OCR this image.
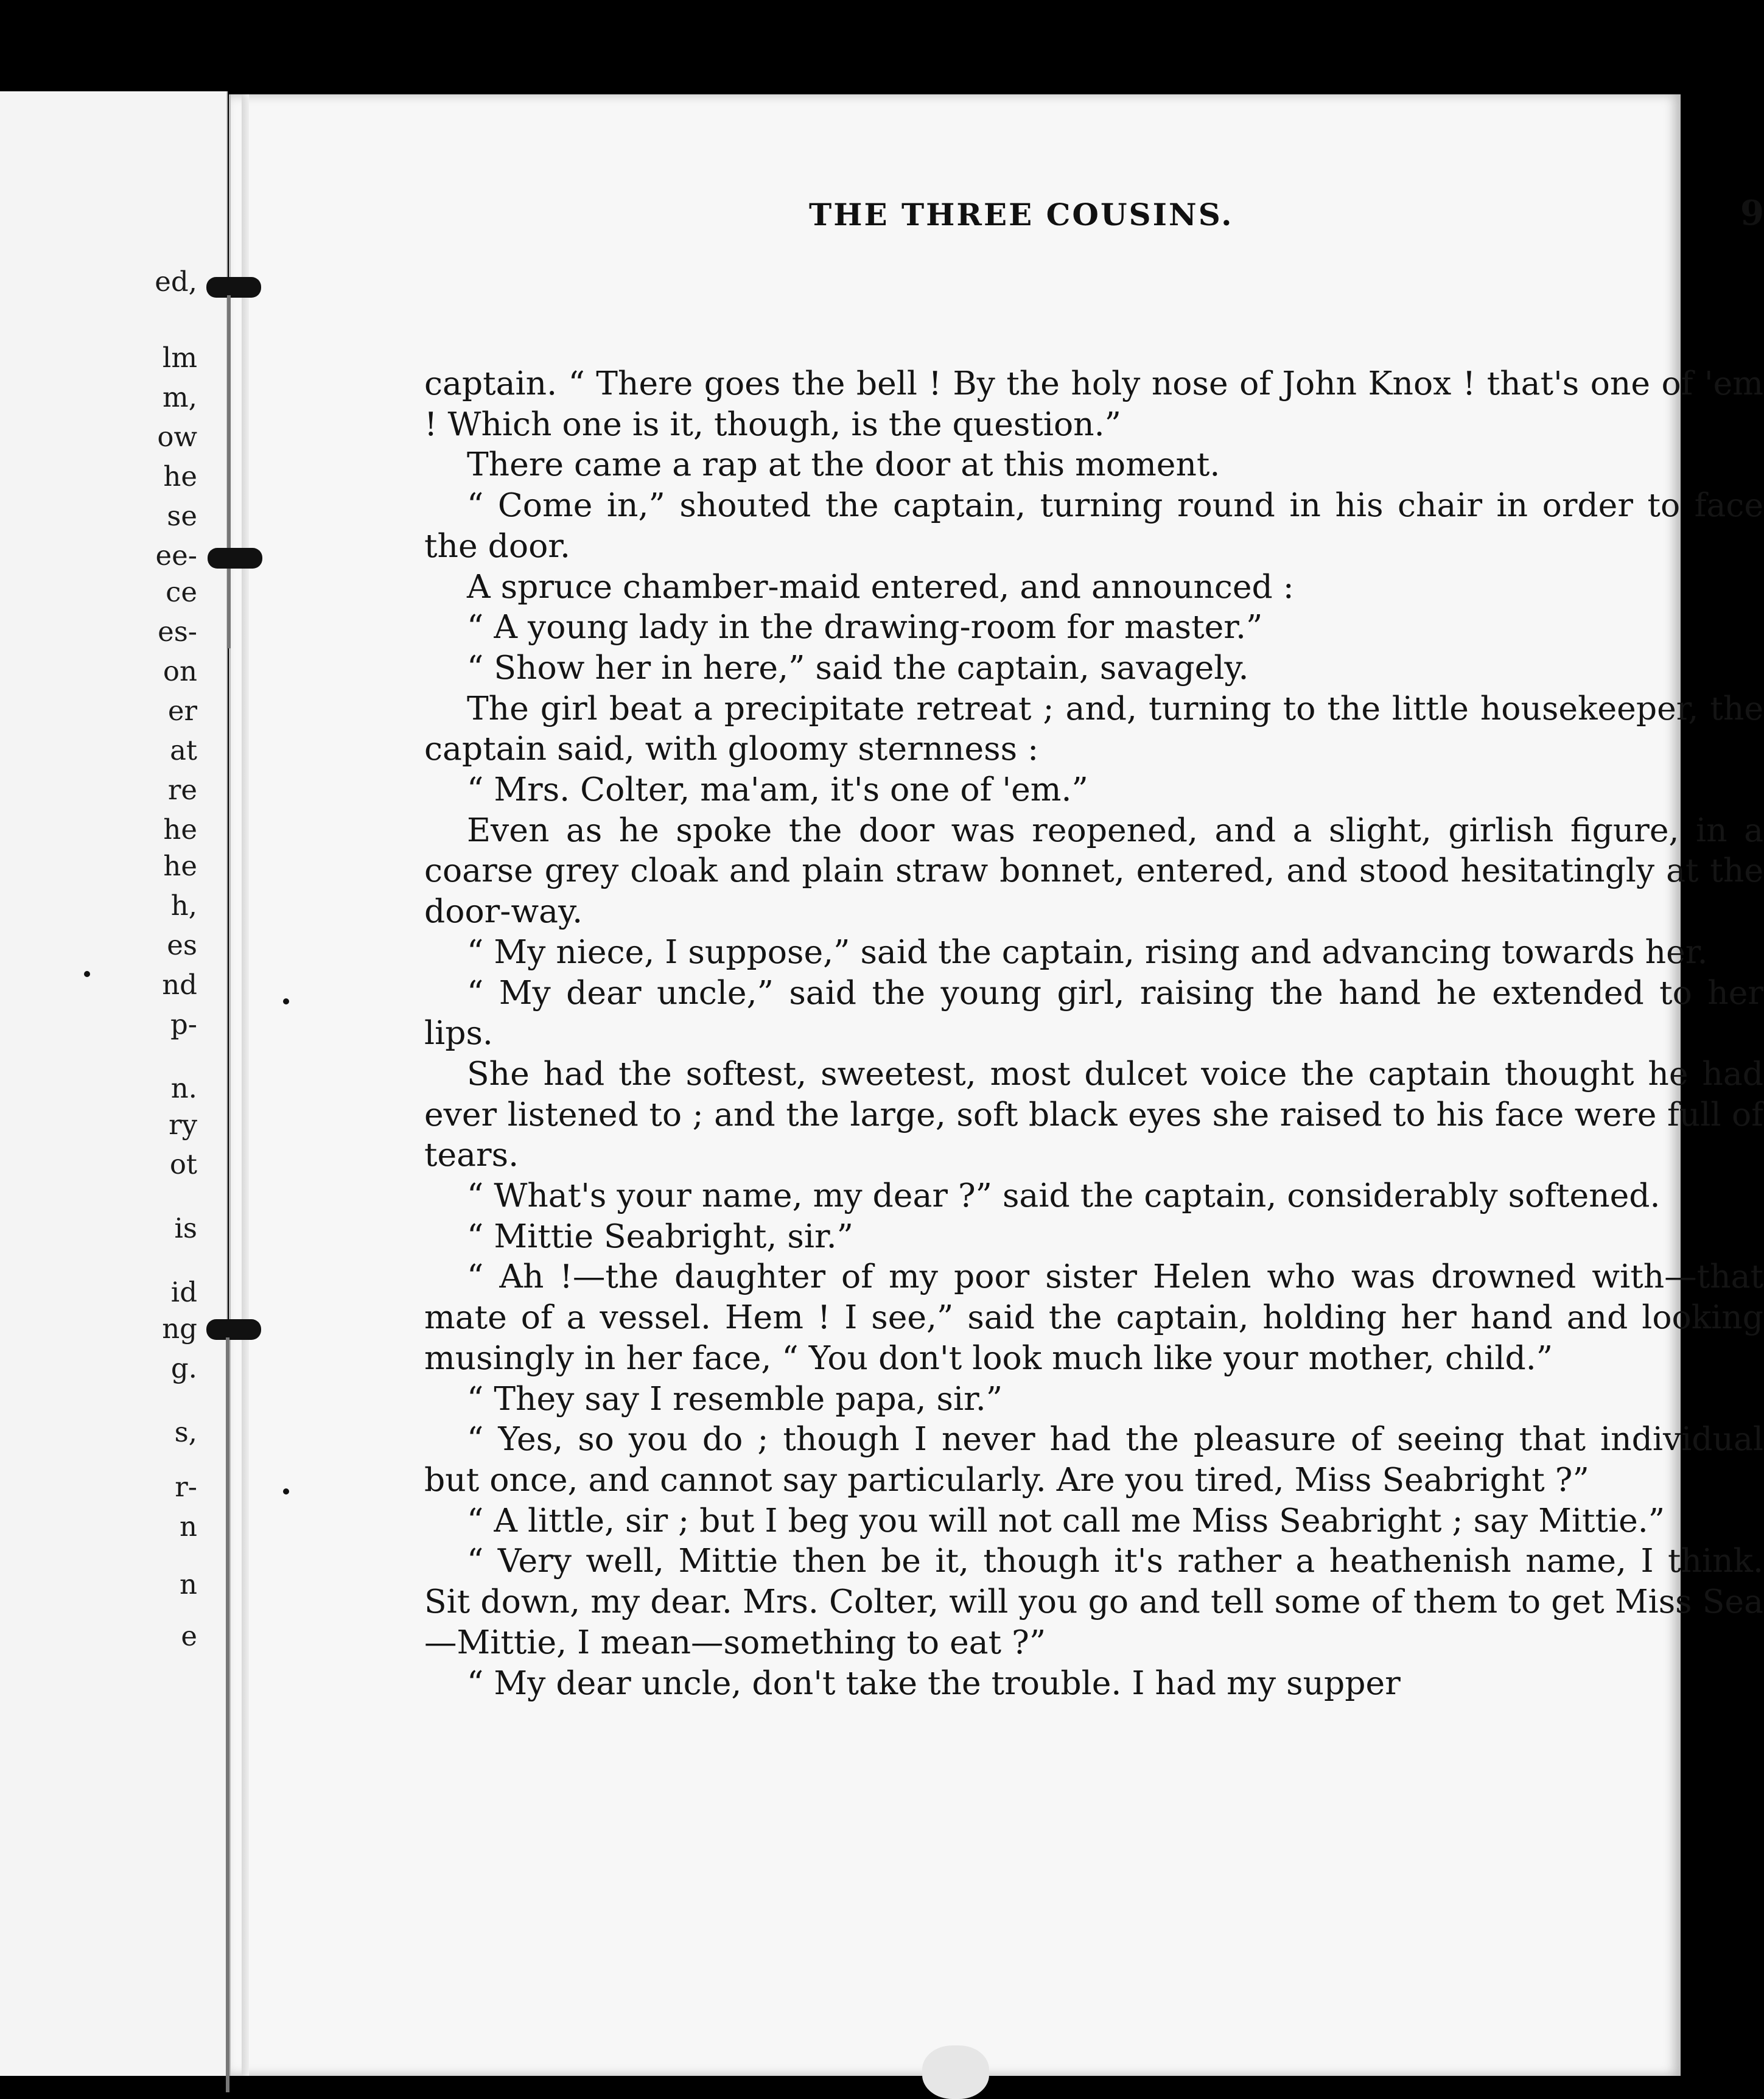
ed,
lm
m,
ow
he
se
ee-
ce
es-
on
er
at
re
he
he
h,
es
nd
p-
n.
ry
ot
is
id
ng
g.
s,
r-
n
n
e
THE THREE COUSINS.	9

captain. “ There goes the bell ! By the holy nose of John Knox ! that's one of 'em ! Which one is it, though, is the question.”

There came a rap at the door at this moment.

“ Come in,” shouted the captain, turning round in his chair in order to face the door.

A spruce chamber-maid entered, and announced :

“ A young lady in the drawing-room for master.”

“ Show her in here,” said the captain, savagely.

The girl beat a precipitate retreat ; and, turning to the little housekeeper, the captain said, with gloomy sternness :

“ Mrs. Colter, ma'am, it's one of 'em.”

Even as he spoke the door was reopened, and a slight, girlish figure, in a coarse grey cloak and plain straw bonnet, entered, and stood hesitatingly at the door-way.

“ My niece, I suppose,” said the captain, rising and advancing towards her.

“ My dear uncle,” said the young girl, raising the hand he extended to her lips.

She had the softest, sweetest, most dulcet voice the captain thought he had ever listened to ; and the large, soft black eyes she raised to his face were full of tears.

“ What's your name, my dear ?” said the captain, considerably softened.

“ Mittie Seabright, sir.”

“ Ah !—the daughter of my poor sister Helen who was drowned with—that mate of a vessel. Hem ! I see,” said the captain, holding her hand and looking musingly in her face, “ You don't look much like your mother, child.”

“ They say I resemble papa, sir.”

“ Yes, so you do ; though I never had the pleasure of seeing that individual but once, and cannot say particularly. Are you tired, Miss Seabright ?”

“ A little, sir ; but I beg you will not call me Miss Seabright ; say Mittie.”

“ Very well, Mittie then be it, though it's rather a heathenish name, I think. Sit down, my dear. Mrs. Colter, will you go and tell some of them to get Miss Sea—Mittie, I mean—something to eat ?”

“ My dear uncle, don't take the trouble. I had my supper
